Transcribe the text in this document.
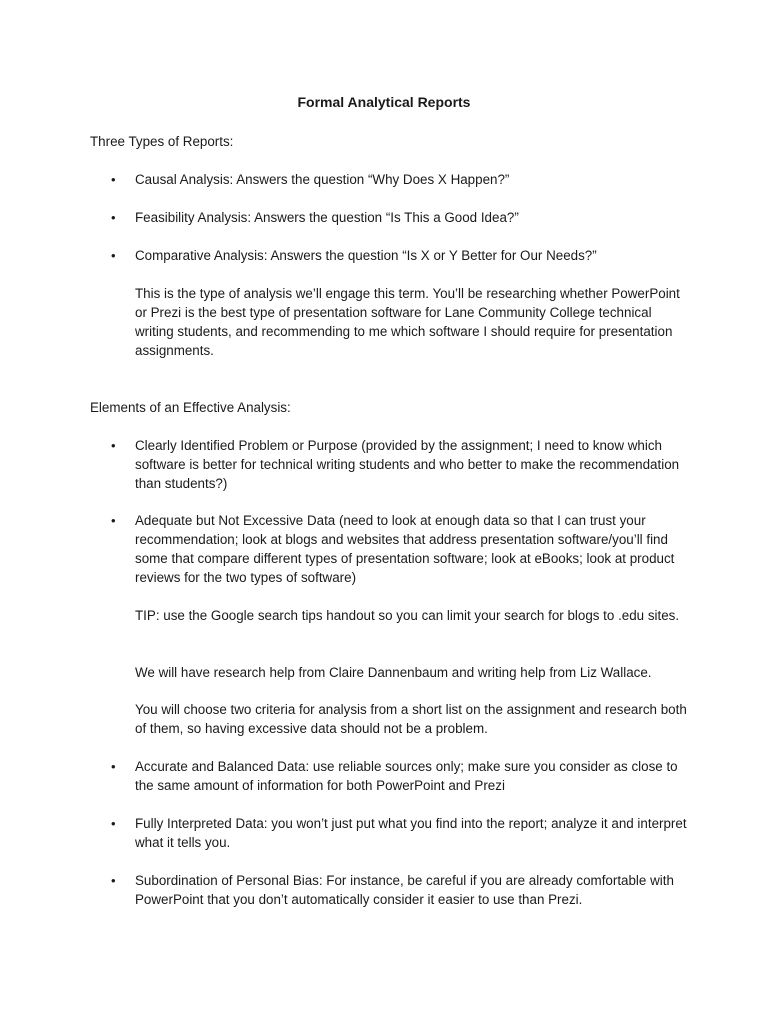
Formal Analytical Reports

Three Types of Reports:

• Causal Analysis: Answers the question “Why Does X Happen?”

• Feasibility Analysis: Answers the question “Is This a Good Idea?”

• Comparative Analysis: Answers the question “Is X or Y Better for Our Needs?”

This is the type of analysis we’ll engage this term. You’ll be researching whether PowerPoint or Prezi is the best type of presentation software for Lane Community College technical writing students, and recommending to me which software I should require for presentation assignments.

Elements of an Effective Analysis:

• Clearly Identified Problem or Purpose (provided by the assignment; I need to know which software is better for technical writing students and who better to make the recommendation than students?)

• Adequate but Not Excessive Data (need to look at enough data so that I can trust your recommendation; look at blogs and websites that address presentation software/you’ll find some that compare different types of presentation software; look at eBooks; look at product reviews for the two types of software)

TIP: use the Google search tips handout so you can limit your search for blogs to .edu sites.

We will have research help from Claire Dannenbaum and writing help from Liz Wallace.

You will choose two criteria for analysis from a short list on the assignment and research both of them, so having excessive data should not be a problem.

• Accurate and Balanced Data: use reliable sources only; make sure you consider as close to the same amount of information for both PowerPoint and Prezi

• Fully Interpreted Data: you won’t just put what you find into the report; analyze it and interpret what it tells you.

• Subordination of Personal Bias: For instance, be careful if you are already comfortable with PowerPoint that you don’t automatically consider it easier to use than Prezi.
